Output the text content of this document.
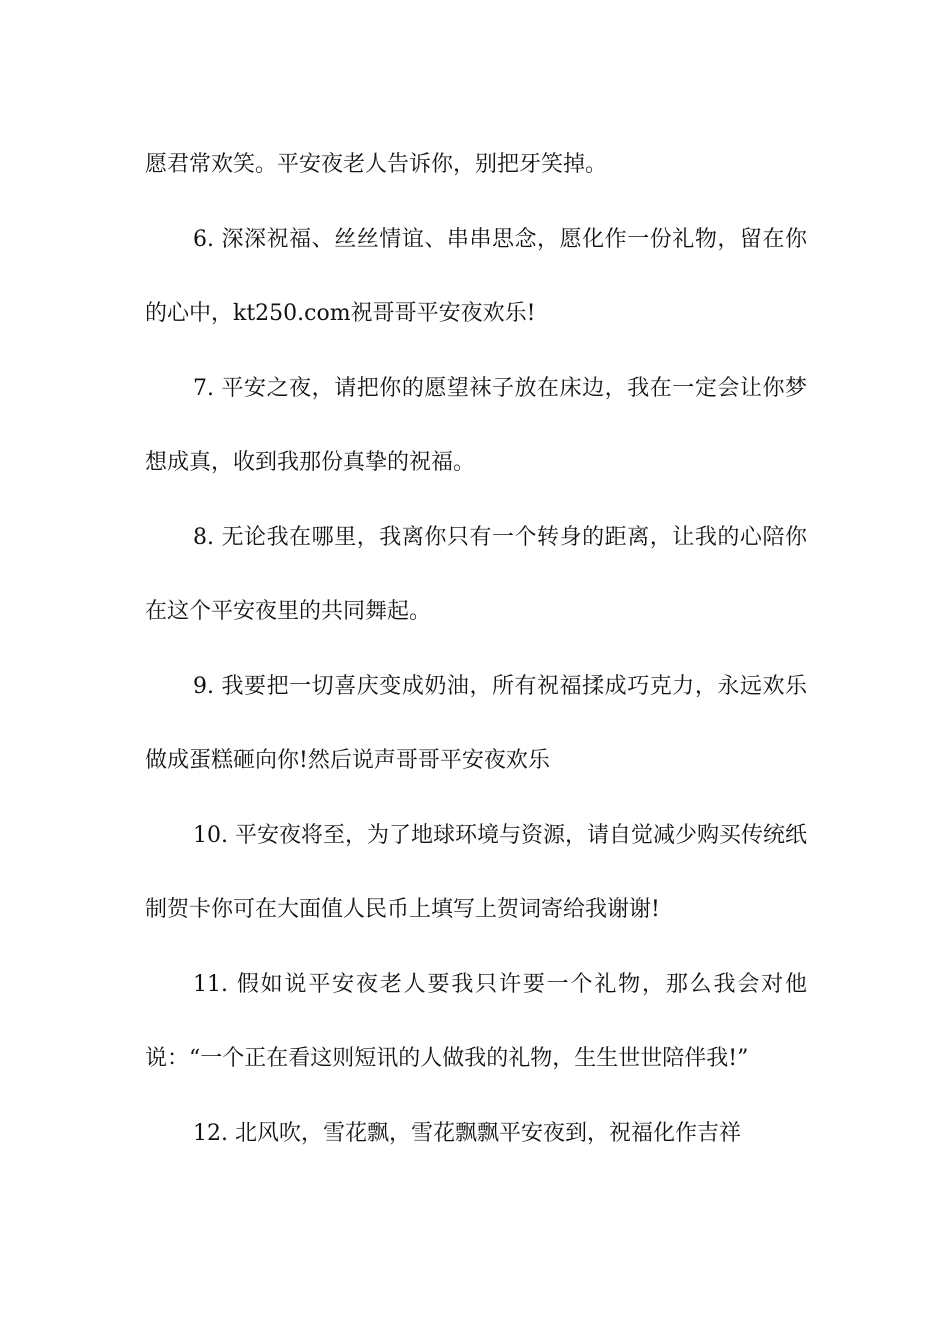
愿君常欢笑。平安夜老人告诉你，别把牙笑掉。

6. 深深祝福、丝丝情谊、串串思念，愿化作一份礼物，留在你的心中，kt250.com祝哥哥平安夜欢乐!

7. 平安之夜，请把你的愿望袜子放在床边，我在一定会让你梦想成真，收到我那份真挚的祝福。

8. 无论我在哪里，我离你只有一个转身的距离，让我的心陪你在这个平安夜里的共同舞起。

9. 我要把一切喜庆变成奶油，所有祝福揉成巧克力，永远欢乐做成蛋糕砸向你!然后说声哥哥平安夜欢乐

10. 平安夜将至，为了地球环境与资源，请自觉减少购买传统纸制贺卡你可在大面值人民币上填写上贺词寄给我谢谢!

11. 假如说平安夜老人要我只许要一个礼物，那么我会对他说：“一个正在看这则短讯的人做我的礼物，生生世世陪伴我!”

12. 北风吹，雪花飘，雪花飘飘平安夜到，祝福化作吉祥
